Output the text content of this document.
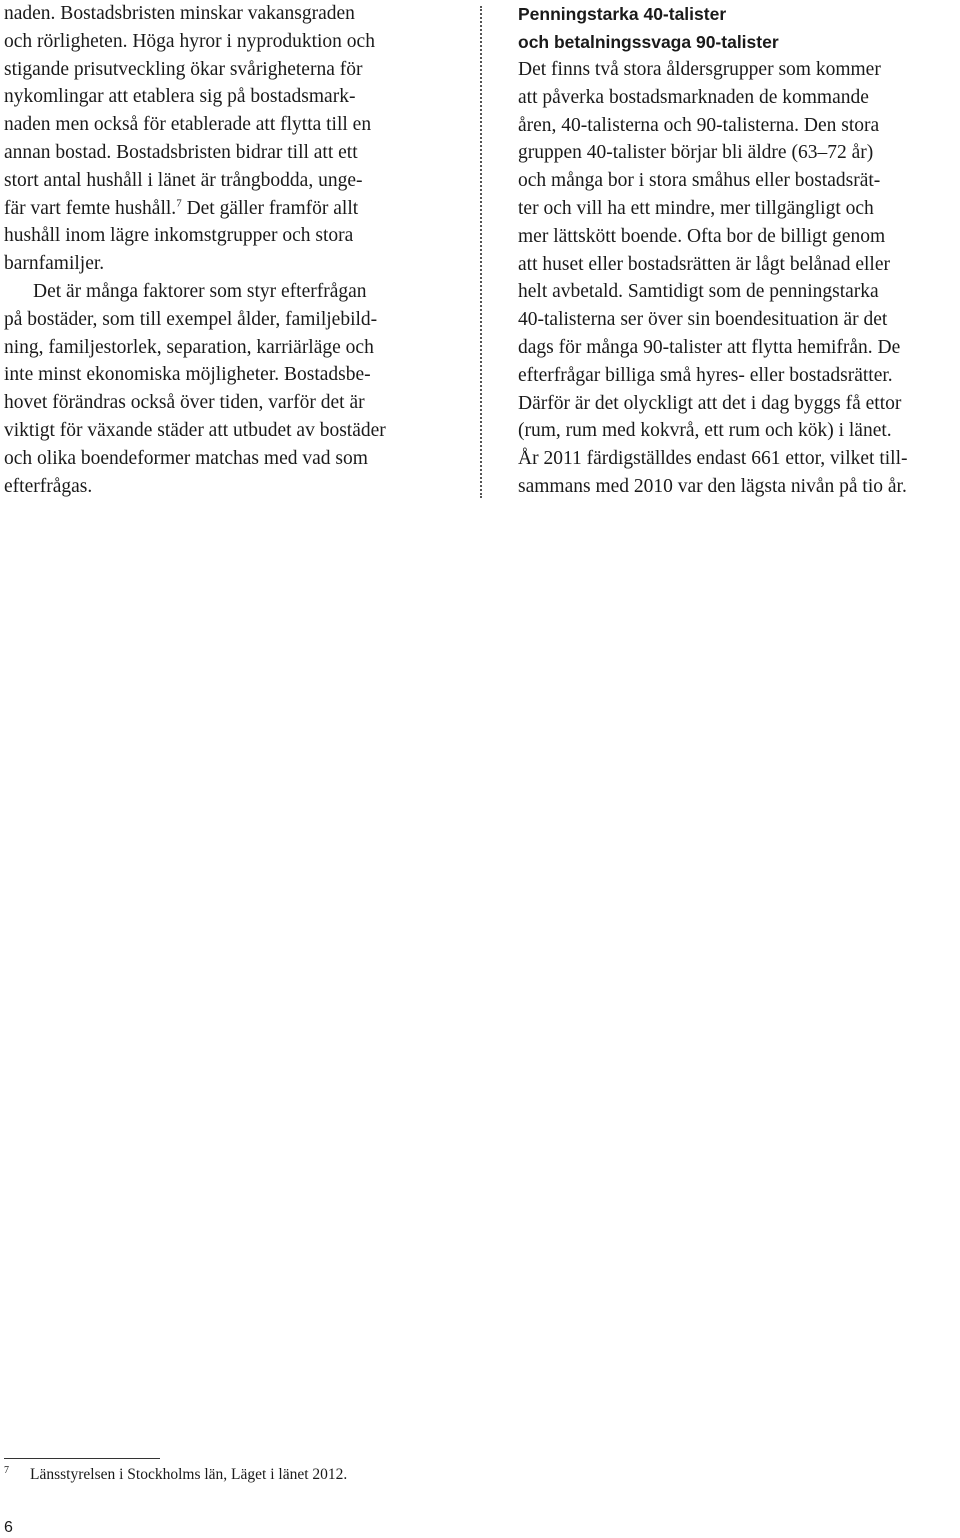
naden. Bostadsbristen minskar vakansgraden
och rörligheten. Höga hyror i nyproduktion och
stigande prisutveckling ökar svårigheterna för
nykomlingar att etablera sig på bostadsmark-
naden men också för etablerade att flytta till en
annan bostad. Bostadsbristen bidrar till att ett
stort antal hushåll i länet är trångbodda, unge-
fär vart femte hushåll.$^7$ Det gäller framför allt
hushåll inom lägre inkomstgrupper och stora
barnfamiljer.
Det är många faktorer som styr efterfrågan
på bostäder, som till exempel ålder, familjebild-
ning, familjestorlek, separation, karriärläge och
inte minst ekonomiska möjligheter. Bostadsbe-
hovet förändras också över tiden, varför det är
viktigt för växande städer att utbudet av bostäder
och olika boendeformer matchas med vad som
efterfrågas.
Penningstarka 40-talister
och betalningssvaga 90-talister
Det finns två stora åldersgrupper som kommer
att påverka bostadsmarknaden de kommande
åren, 40-talisterna och 90-talisterna. Den stora
gruppen 40-talister börjar bli äldre (63–72 år)
och många bor i stora småhus eller bostadsrät-
ter och vill ha ett mindre, mer tillgängligt och
mer lättskött boende. Ofta bor de billigt genom
att huset eller bostadsrätten är lågt belånad eller
helt avbetald. Samtidigt som de penningstarka
40-talisterna ser över sin boendesituation är det
dags för många 90-talister att flytta hemifrån. De
efterfrågar billiga små hyres- eller bostadsrätter.
Därför är det olyckligt att det i dag byggs få ettor
(rum, rum med kokvrå, ett rum och kök) i länet.
År 2011 färdigställdes endast 661 ettor, vilket till-
sammans med 2010 var den lägsta nivån på tio år.
7 Länsstyrelsen i Stockholms län, Läget i länet 2012.
6
